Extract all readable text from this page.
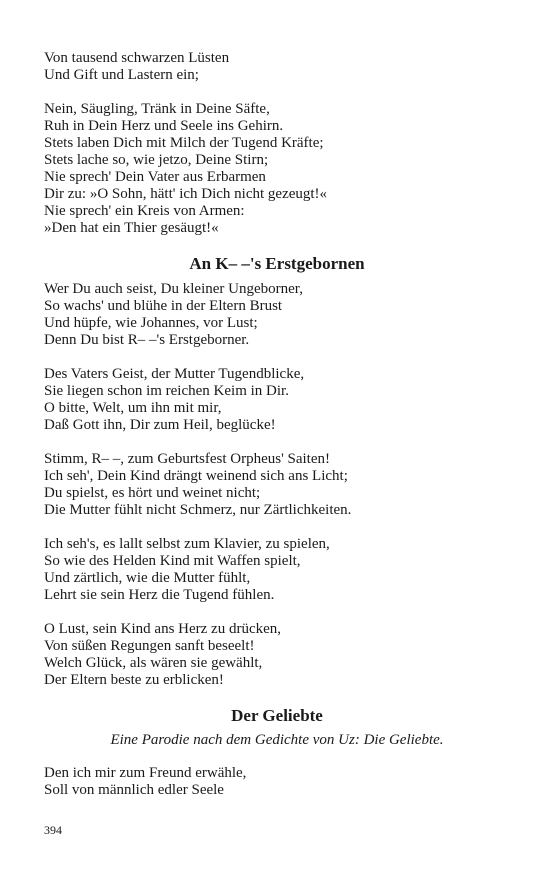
Von tausend schwarzen Lüsten
Und Gift und Lastern ein;
Nein, Säugling, Tränk in Deine Säfte,
Ruh in Dein Herz und Seele ins Gehirn.
Stets laben Dich mit Milch der Tugend Kräfte;
Stets lache so, wie jetzo, Deine Stirn;
Nie sprech' Dein Vater aus Erbarmen
Dir zu: »O Sohn, hätt' ich Dich nicht gezeugt!«
Nie sprech' ein Kreis von Armen:
»Den hat ein Thier gesäugt!«
An K– –'s Erstgebornen
Wer Du auch seist, Du kleiner Ungeborner,
So wachs' und blühe in der Eltern Brust
Und hüpfe, wie Johannes, vor Lust;
Denn Du bist R– –'s Erstgeborner.
Des Vaters Geist, der Mutter Tugendblicke,
Sie liegen schon im reichen Keim in Dir.
O bitte, Welt, um ihn mit mir,
Daß Gott ihn, Dir zum Heil, beglücke!
Stimm, R– –, zum Geburtsfest Orpheus' Saiten!
Ich seh', Dein Kind drängt weinend sich ans Licht;
Du spielst, es hört und weinet nicht;
Die Mutter fühlt nicht Schmerz, nur Zärtlichkeiten.
Ich seh's, es lallt selbst zum Klavier, zu spielen,
So wie des Helden Kind mit Waffen spielt,
Und zärtlich, wie die Mutter fühlt,
Lehrt sie sein Herz die Tugend fühlen.
O Lust, sein Kind ans Herz zu drücken,
Von süßen Regungen sanft beseelt!
Welch Glück, als wären sie gewählt,
Der Eltern beste zu erblicken!
Der Geliebte
Eine Parodie nach dem Gedichte von Uz: Die Geliebte.
Den ich mir zum Freund erwähle,
Soll von männlich edler Seele
394
